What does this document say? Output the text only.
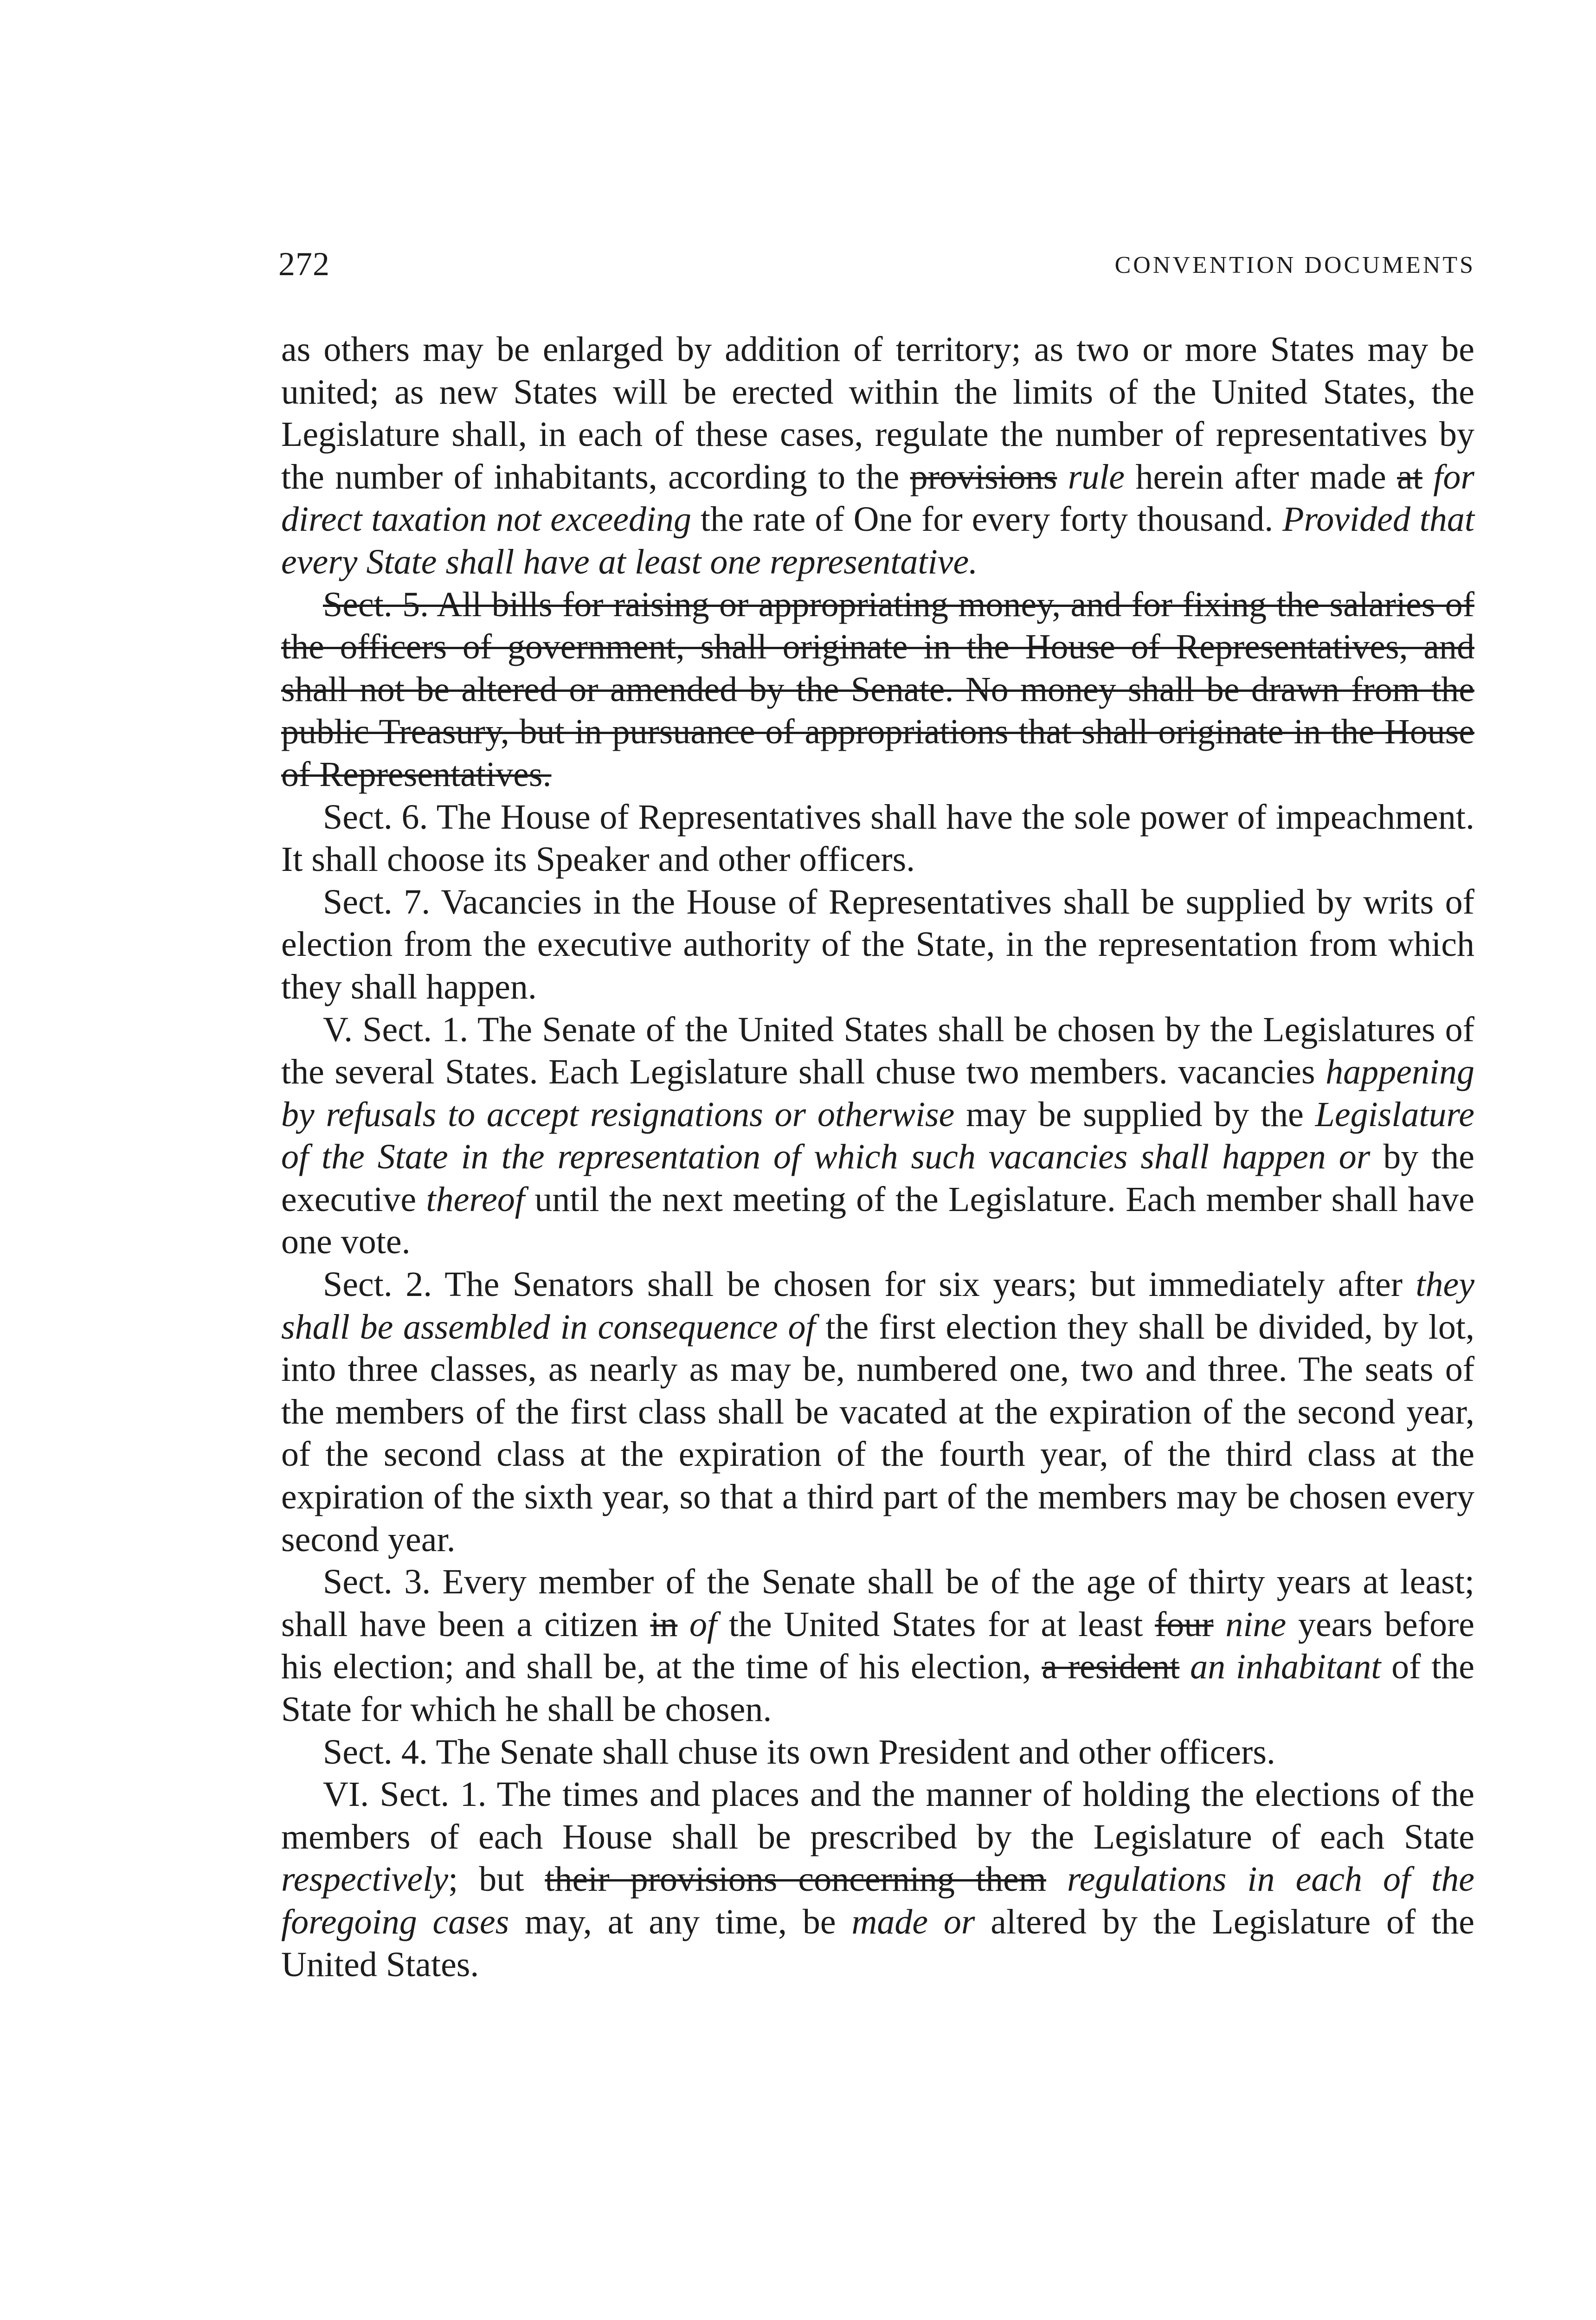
272	CONVENTION DOCUMENTS

as others may be enlarged by addition of territory; as two or more States may be united; as new States will be erected within the limits of the United States, the Legislature shall, in each of these cases, regulate the number of representatives by the number of inhabitants, according to the provisions rule herein after made at for direct taxation not exceeding the rate of One for every forty thousand. Provided that every State shall have at least one representative.

Sect. 5. All bills for raising or appropriating money, and for fixing the salaries of the officers of government, shall originate in the House of Representatives, and shall not be altered or amended by the Senate. No money shall be drawn from the public Treasury, but in pursuance of appropriations that shall originate in the House of Representatives.

Sect. 6. The House of Representatives shall have the sole power of impeachment. It shall choose its Speaker and other officers.

Sect. 7. Vacancies in the House of Representatives shall be supplied by writs of election from the executive authority of the State, in the representation from which they shall happen.

V. Sect. 1. The Senate of the United States shall be chosen by the Legislatures of the several States. Each Legislature shall chuse two members. vacancies happening by refusals to accept resignations or otherwise may be supplied by the Legislature of the State in the representation of which such vacancies shall happen or by the executive thereof until the next meeting of the Legislature. Each member shall have one vote.

Sect. 2. The Senators shall be chosen for six years; but immediately after they shall be assembled in consequence of the first election they shall be divided, by lot, into three classes, as nearly as may be, numbered one, two and three. The seats of the members of the first class shall be vacated at the expiration of the second year, of the second class at the expiration of the fourth year, of the third class at the expiration of the sixth year, so that a third part of the members may be chosen every second year.

Sect. 3. Every member of the Senate shall be of the age of thirty years at least; shall have been a citizen in of the United States for at least four nine years before his election; and shall be, at the time of his election, a resident an inhabitant of the State for which he shall be chosen.

Sect. 4. The Senate shall chuse its own President and other officers.

VI. Sect. 1. The times and places and the manner of holding the elections of the members of each House shall be prescribed by the Legislature of each State respectively; but their provisions concerning them regulations in each of the foregoing cases may, at any time, be made or altered by the Legislature of the United States.
